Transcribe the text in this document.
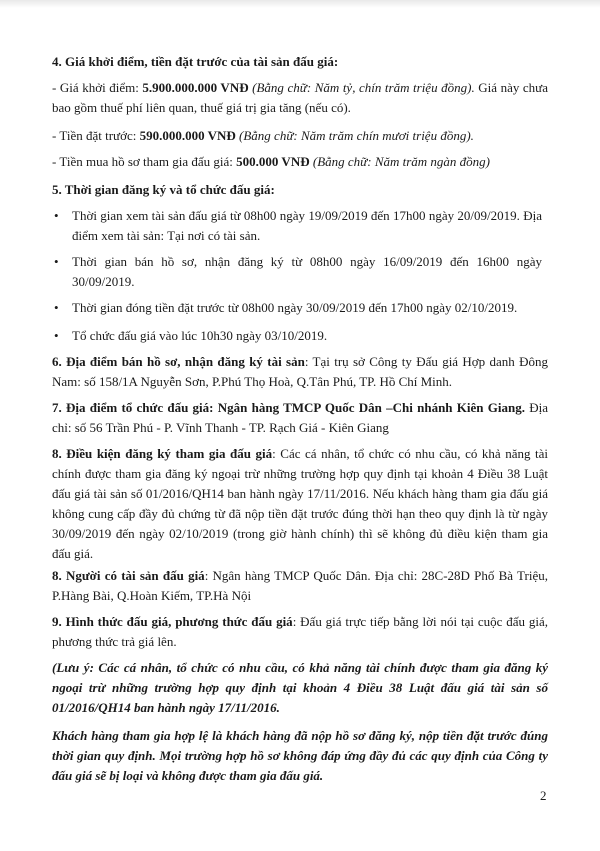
4. Giá khởi điểm, tiền đặt trước của tài sản đấu giá:

- Giá khởi điểm: 5.900.000.000 VNĐ (Bằng chữ: Năm tỷ, chín trăm triệu đồng). Giá này chưa bao gồm thuế phí liên quan, thuế giá trị gia tăng (nếu có).

- Tiền đặt trước: 590.000.000 VNĐ (Bằng chữ: Năm trăm chín mươi triệu đồng).

- Tiền mua hồ sơ tham gia đấu giá: 500.000 VNĐ (Bằng chữ: Năm trăm ngàn đồng)

5. Thời gian đăng ký và tổ chức đấu giá:

• Thời gian xem tài sản đấu giá từ 08h00 ngày 19/09/2019 đến 17h00 ngày 20/09/2019. Địa điểm xem tài sản: Tại nơi có tài sản.
• Thời gian bán hồ sơ, nhận đăng ký từ 08h00 ngày 16/09/2019 đến 16h00 ngày 30/09/2019.
• Thời gian đóng tiền đặt trước từ 08h00 ngày 30/09/2019 đến 17h00 ngày 02/10/2019.
• Tổ chức đấu giá vào lúc 10h30 ngày 03/10/2019.

6. Địa điểm bán hồ sơ, nhận đăng ký tài sản: Tại trụ sở Công ty Đấu giá Hợp danh Đông Nam: số 158/1A Nguyễn Sơn, P.Phú Thọ Hoà, Q.Tân Phú, TP. Hồ Chí Minh.

7. Địa điểm tổ chức đấu giá: Ngân hàng TMCP Quốc Dân –Chi nhánh Kiên Giang. Địa chỉ: số 56 Trần Phú - P. Vĩnh Thanh - TP. Rạch Giá - Kiên Giang

8. Điều kiện đăng ký tham gia đấu giá: Các cá nhân, tổ chức có nhu cầu, có khả năng tài chính được tham gia đăng ký ngoại trừ những trường hợp quy định tại khoản 4 Điều 38 Luật đấu giá tài sản số 01/2016/QH14 ban hành ngày 17/11/2016. Nếu khách hàng tham gia đấu giá không cung cấp đầy đủ chứng từ đã nộp tiền đặt trước đúng thời hạn theo quy định là từ ngày 30/09/2019 đến ngày 02/10/2019 (trong giờ hành chính) thì sẽ không đủ điều kiện tham gia đấu giá.

8. Người có tài sản đấu giá: Ngân hàng TMCP Quốc Dân. Địa chỉ: 28C-28D Phố Bà Triệu, P.Hàng Bài, Q.Hoàn Kiếm, TP.Hà Nội

9. Hình thức đấu giá, phương thức đấu giá: Đấu giá trực tiếp bằng lời nói tại cuộc đấu giá, phương thức trả giá lên.

(Lưu ý: Các cá nhân, tổ chức có nhu cầu, có khả năng tài chính được tham gia đăng ký ngoại trừ những trường hợp quy định tại khoản 4 Điều 38 Luật đấu giá tài sản số 01/2016/QH14 ban hành ngày 17/11/2016.

Khách hàng tham gia hợp lệ là khách hàng đã nộp hồ sơ đăng ký, nộp tiền đặt trước đúng thời gian quy định. Mọi trường hợp hồ sơ không đáp ứng đầy đủ các quy định của Công ty đấu giá sẽ bị loại và không được tham gia đấu giá.

2
